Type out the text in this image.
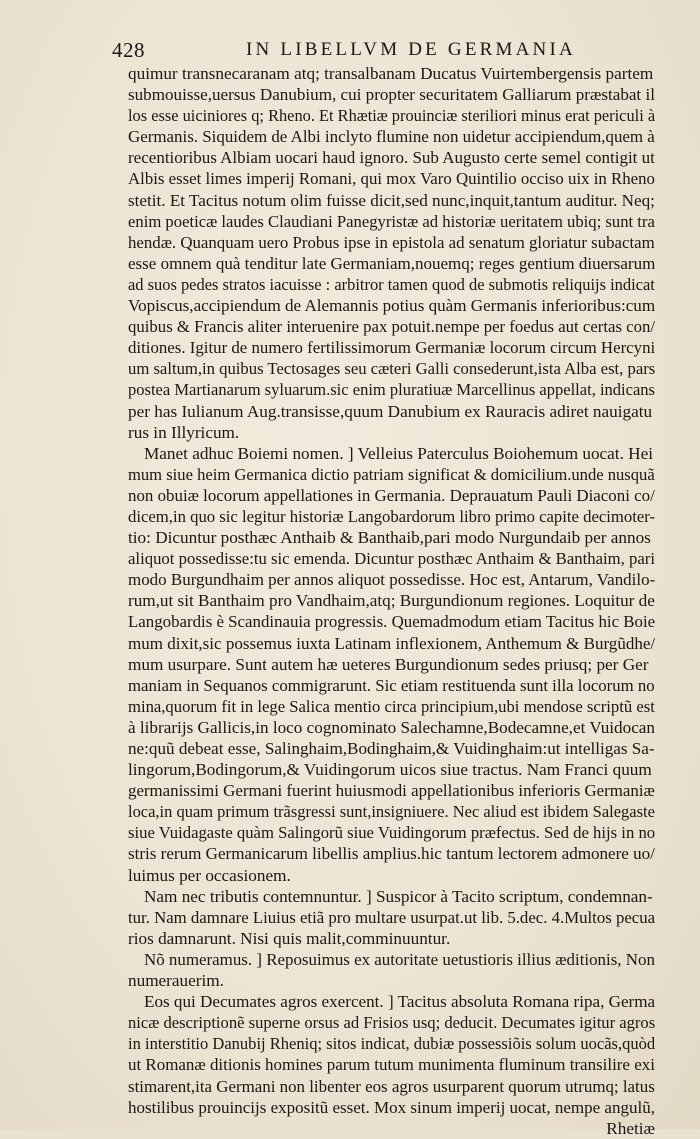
428	IN LIBELLVM DE GERMANIA
quimur transnecaranam atq; transalbanam Ducatus Vuirtembergensis partem
submouisse,uersus Danubium, cui propter securitatem Galliarum præstabat il
los esse uiciniores q; Rheno. Et Rhætiæ prouinciæ steriliori minus erat periculi à
Germanis. Siquidem de Albi inclyto flumine non uidetur accipiendum,quem à
recentioribus Albiam uocari haud ignoro. Sub Augusto certe semel contigit ut
Albis esset limes imperij Romani, qui mox Varo Quintilio occiso uix in Rheno
stetit. Et Tacitus notum olim fuisse dicit,sed nunc,inquit,tantum auditur. Neq;
enim poeticæ laudes Claudiani Panegyristæ ad historiæ ueritatem ubiq; sunt tra
hendæ. Quanquam uero Probus ipse in epistola ad senatum gloriatur subactam
esse omnem quà tenditur late Germaniam,nouemq; reges gentium diuersarum
ad suos pedes stratos iacuisse : arbitror tamen quod de submotis reliquijs indicat
Vopiscus,accipiendum de Alemannis potius quàm Germanis inferioribus:cum
quibus & Francis aliter interuenire pax potuit.nempe per foedus aut certas con/
ditiones. Igitur de numero fertilissimorum Germaniæ locorum circum Hercyni
um saltum,in quibus Tectosages seu cæteri Galli consederunt,ista Alba est, pars
postea Martianarum syluarum.sic enim pluratiuæ Marcellinus appellat, indicans
per has Iulianum Aug.transisse,quum Danubium ex Rauracis adiret nauigatu
rus in Illyricum.
Manet adhuc Boiemi nomen. ] Velleius Paterculus Boiohemum uocat. Hei
mum siue heim Germanica dictio patriam significat & domicilium.unde nusquã
non obuiæ locorum appellationes in Germania. Deprauatum Pauli Diaconi co/
dicem,in quo sic legitur historiæ Langobardorum libro primo capite decimoter-
tio: Dicuntur posthæc Anthaib & Banthaib,pari modo Nurgundaib per annos
aliquot possedisse:tu sic emenda. Dicuntur posthæc Anthaim & Banthaim, pari
modo Burgundhaim per annos aliquot possedisse. Hoc est, Antarum, Vandilo-
rum,ut sit Banthaim pro Vandhaim,atq; Burgundionum regiones. Loquitur de
Langobardis è Scandinauia progressis. Quemadmodum etiam Tacitus hic Boie
mum dixit,sic possemus iuxta Latinam inflexionem, Anthemum & Burgũdhe/
mum usurpare. Sunt autem hæ ueteres Burgundionum sedes priusq; per Ger
maniam in Sequanos commigrarunt. Sic etiam restituenda sunt illa locorum no
mina,quorum fit in lege Salica mentio circa principium,ubi mendose scriptũ est
à librarijs Gallicis,in loco cognominato Salechamne,Bodecamne,et Vuidocan
ne:quũ debeat esse, Salinghaim,Bodinghaim,& Vuidinghaim:ut intelligas Sa-
lingorum,Bodingorum,& Vuidingorum uicos siue tractus. Nam Franci quum
germanissimi Germani fuerint huiusmodi appellationibus inferioris Germaniæ
loca,in quam primum trãsgressi sunt,insigniuere. Nec aliud est ibidem Salegaste
siue Vuidagaste quàm Salingorũ siue Vuidingorum præfectus. Sed de hijs in no
stris rerum Germanicarum libellis amplius.hic tantum lectorem admonere uo/
luimus per occasionem.
Nam nec tributis contemnuntur. ] Suspicor à Tacito scriptum, condemnan-
tur. Nam damnare Liuius etiã pro multare usurpat.ut lib. 5.dec. 4.Multos pecua
rios damnarunt. Nisi quis malit,comminuuntur.
Nõ numeramus. ] Reposuimus ex autoritate uetustioris illius æditionis, Non
numerauerim.
Eos qui Decumates agros exercent. ] Tacitus absoluta Romana ripa, Germa
nicæ descriptionẽ superne orsus ad Frisios usq; deducit. Decumates igitur agros
in interstitio Danubij Rheniq; sitos indicat, dubiæ possessiõis solum uocãs,quòd
ut Romanæ ditionis homines parum tutum munimenta fluminum transilire exi
stimarent,ita Germani non libenter eos agros usurparent quorum utrumq; latus
hostilibus prouincijs expositũ esset. Mox sinum imperij uocat, nempe angulũ,
Rhetiæ
